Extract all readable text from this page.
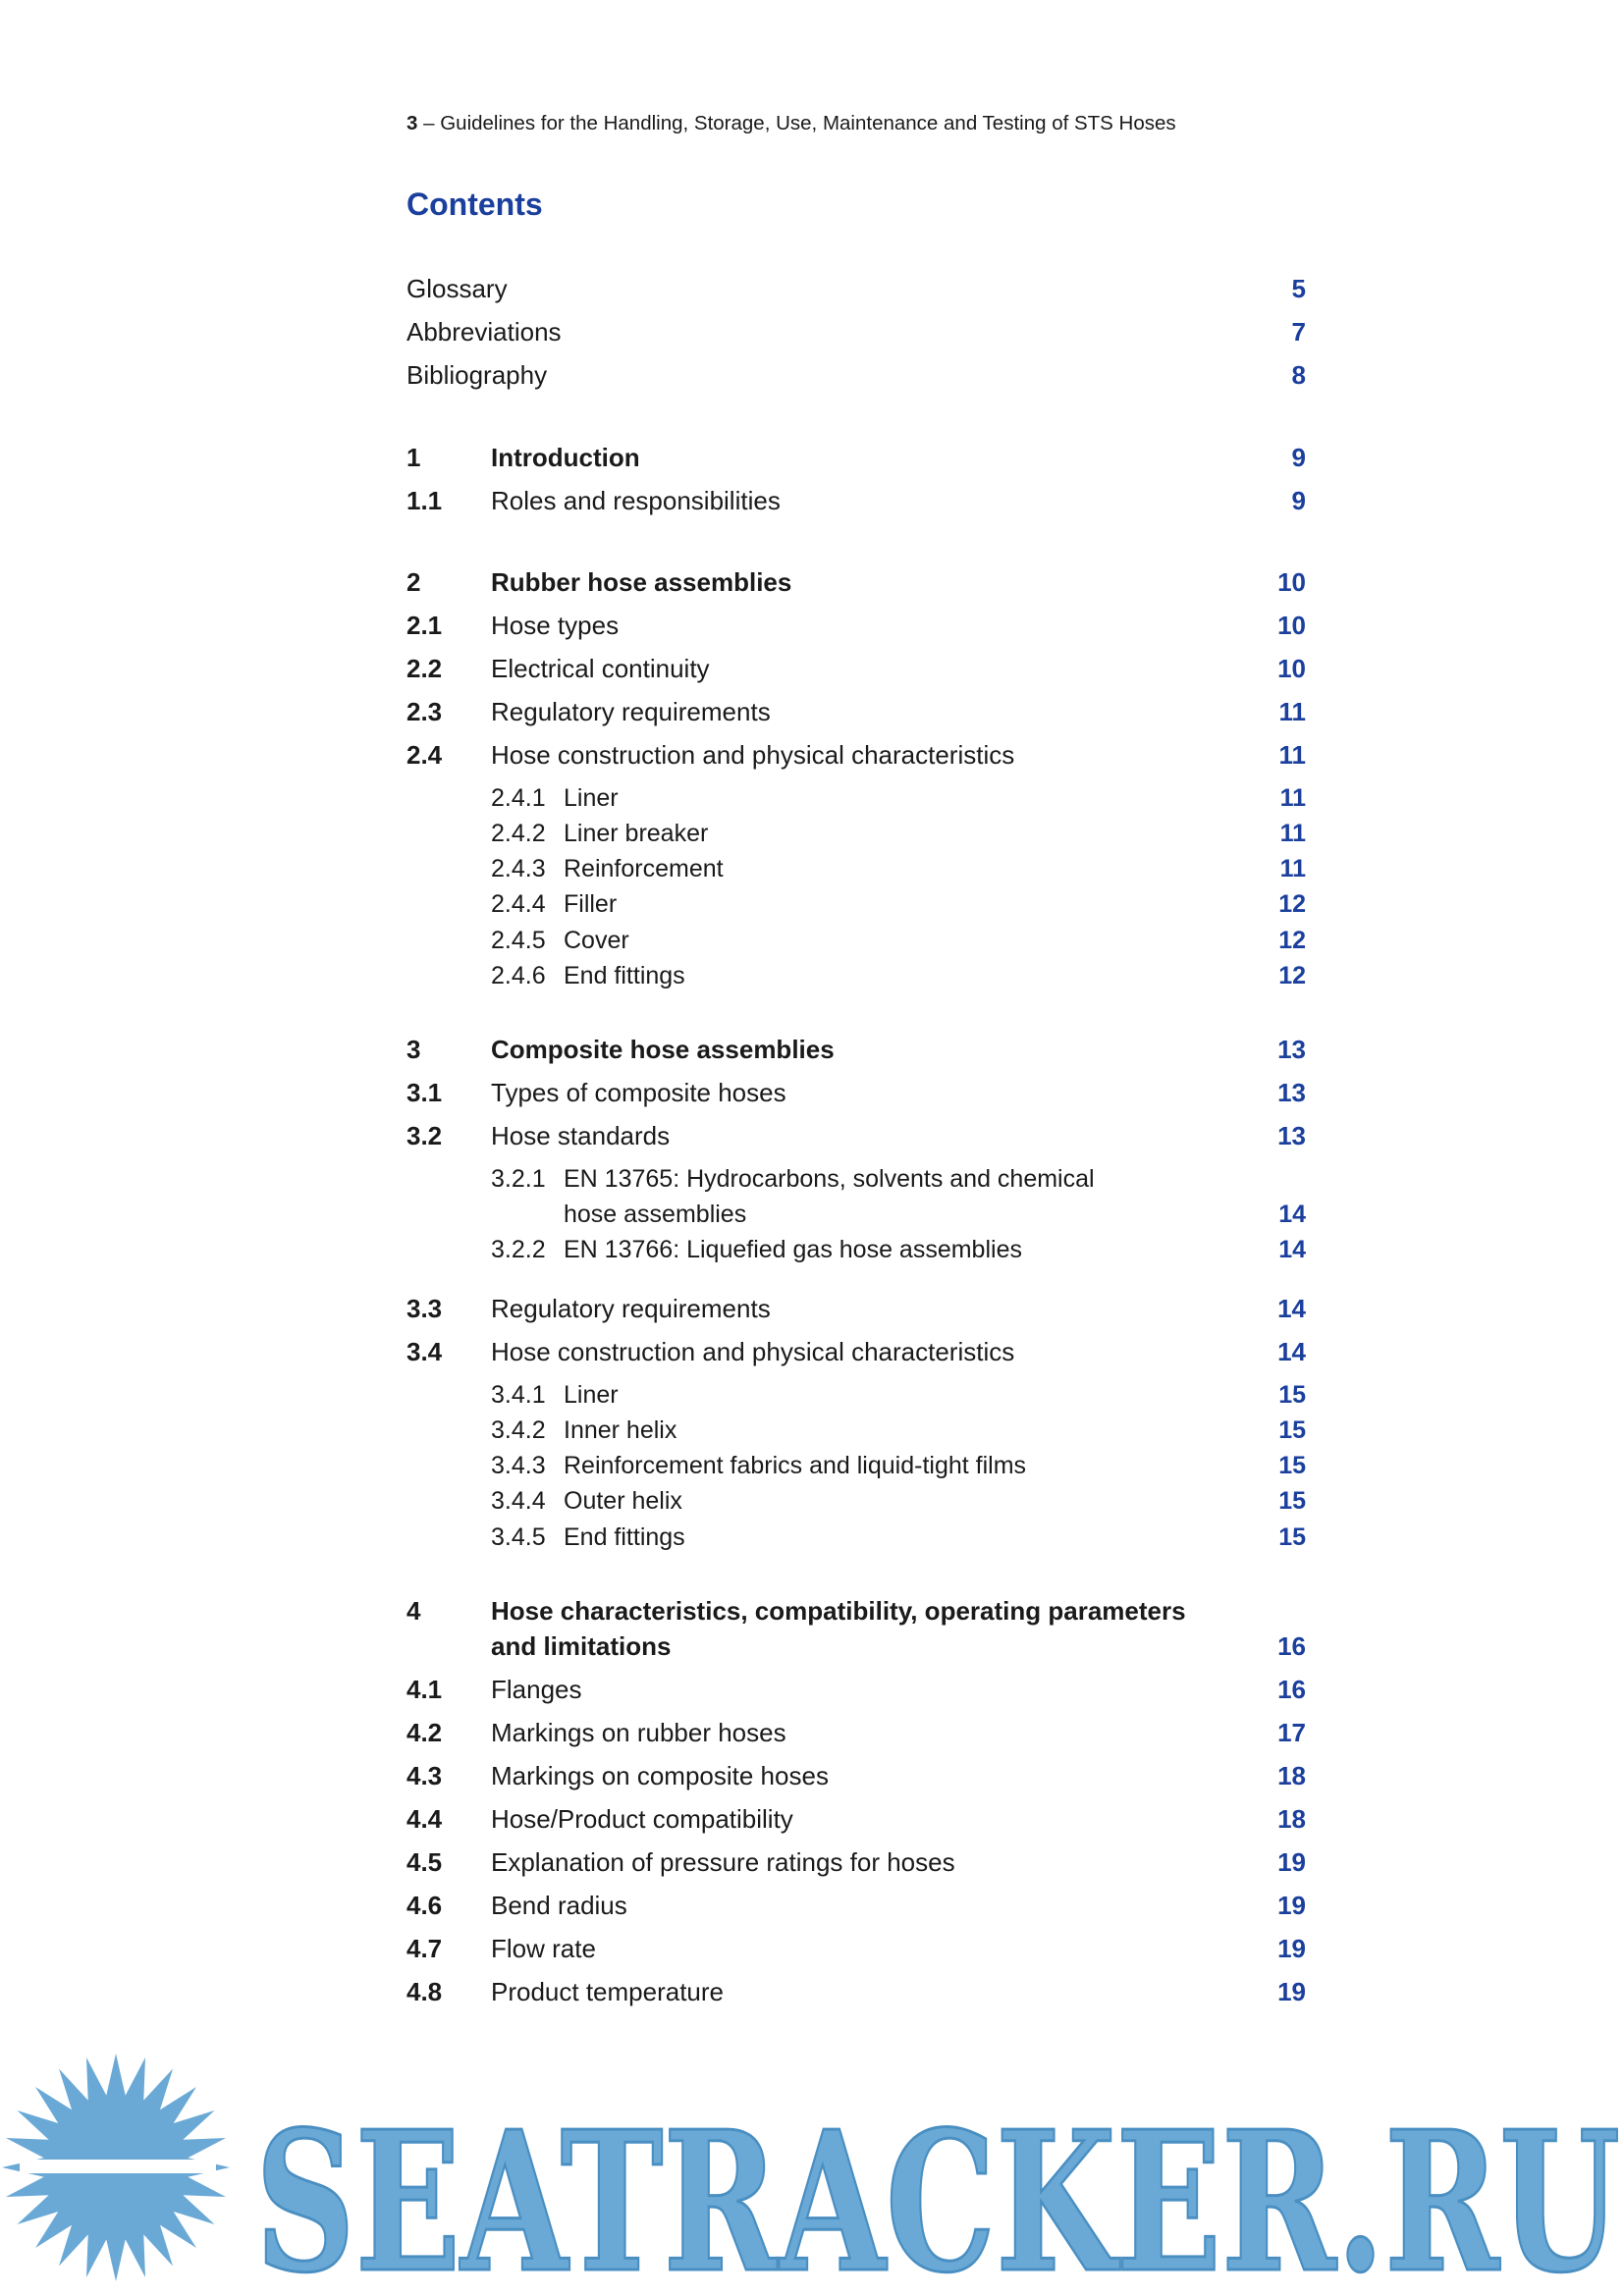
3 – Guidelines for the Handling, Storage, Use, Maintenance and Testing of STS Hoses
Contents
Glossary	5
Abbreviations	7
Bibliography	8
1	Introduction	9
1.1 Roles and responsibilities	9
2	Rubber hose assemblies	10
2.1 Hose types	10
2.2 Electrical continuity	10
2.3 Regulatory requirements	11
2.4 Hose construction and physical characteristics	11
2.4.1 Liner	11
2.4.2 Liner breaker	11
2.4.3 Reinforcement	11
2.4.4 Filler	12
2.4.5 Cover	12
2.4.6 End fittings	12
3	Composite hose assemblies	13
3.1 Types of composite hoses	13
3.2 Hose standards	13
3.2.1 EN 13765: Hydrocarbons, solvents and chemical
hose assemblies	14
3.2.2 EN 13766: Liquefied gas hose assemblies	14
3.3 Regulatory requirements	14
3.4 Hose construction and physical characteristics	14
3.4.1 Liner	15
3.4.2 Inner helix	15
3.4.3 Reinforcement fabrics and liquid-tight films	15
3.4.4 Outer helix	15
3.4.5 End fittings	15
4	Hose characteristics, compatibility, operating parameters
and limitations	16
4.1 Flanges	16
4.2 Markings on rubber hoses	17
4.3 Markings on composite hoses	18
4.4 Hose/Product compatibility	18
4.5 Explanation of pressure ratings for hoses	19
4.6 Bend radius	19
4.7 Flow rate	19
4.8 Product temperature	19
SEATRACKER.RU
